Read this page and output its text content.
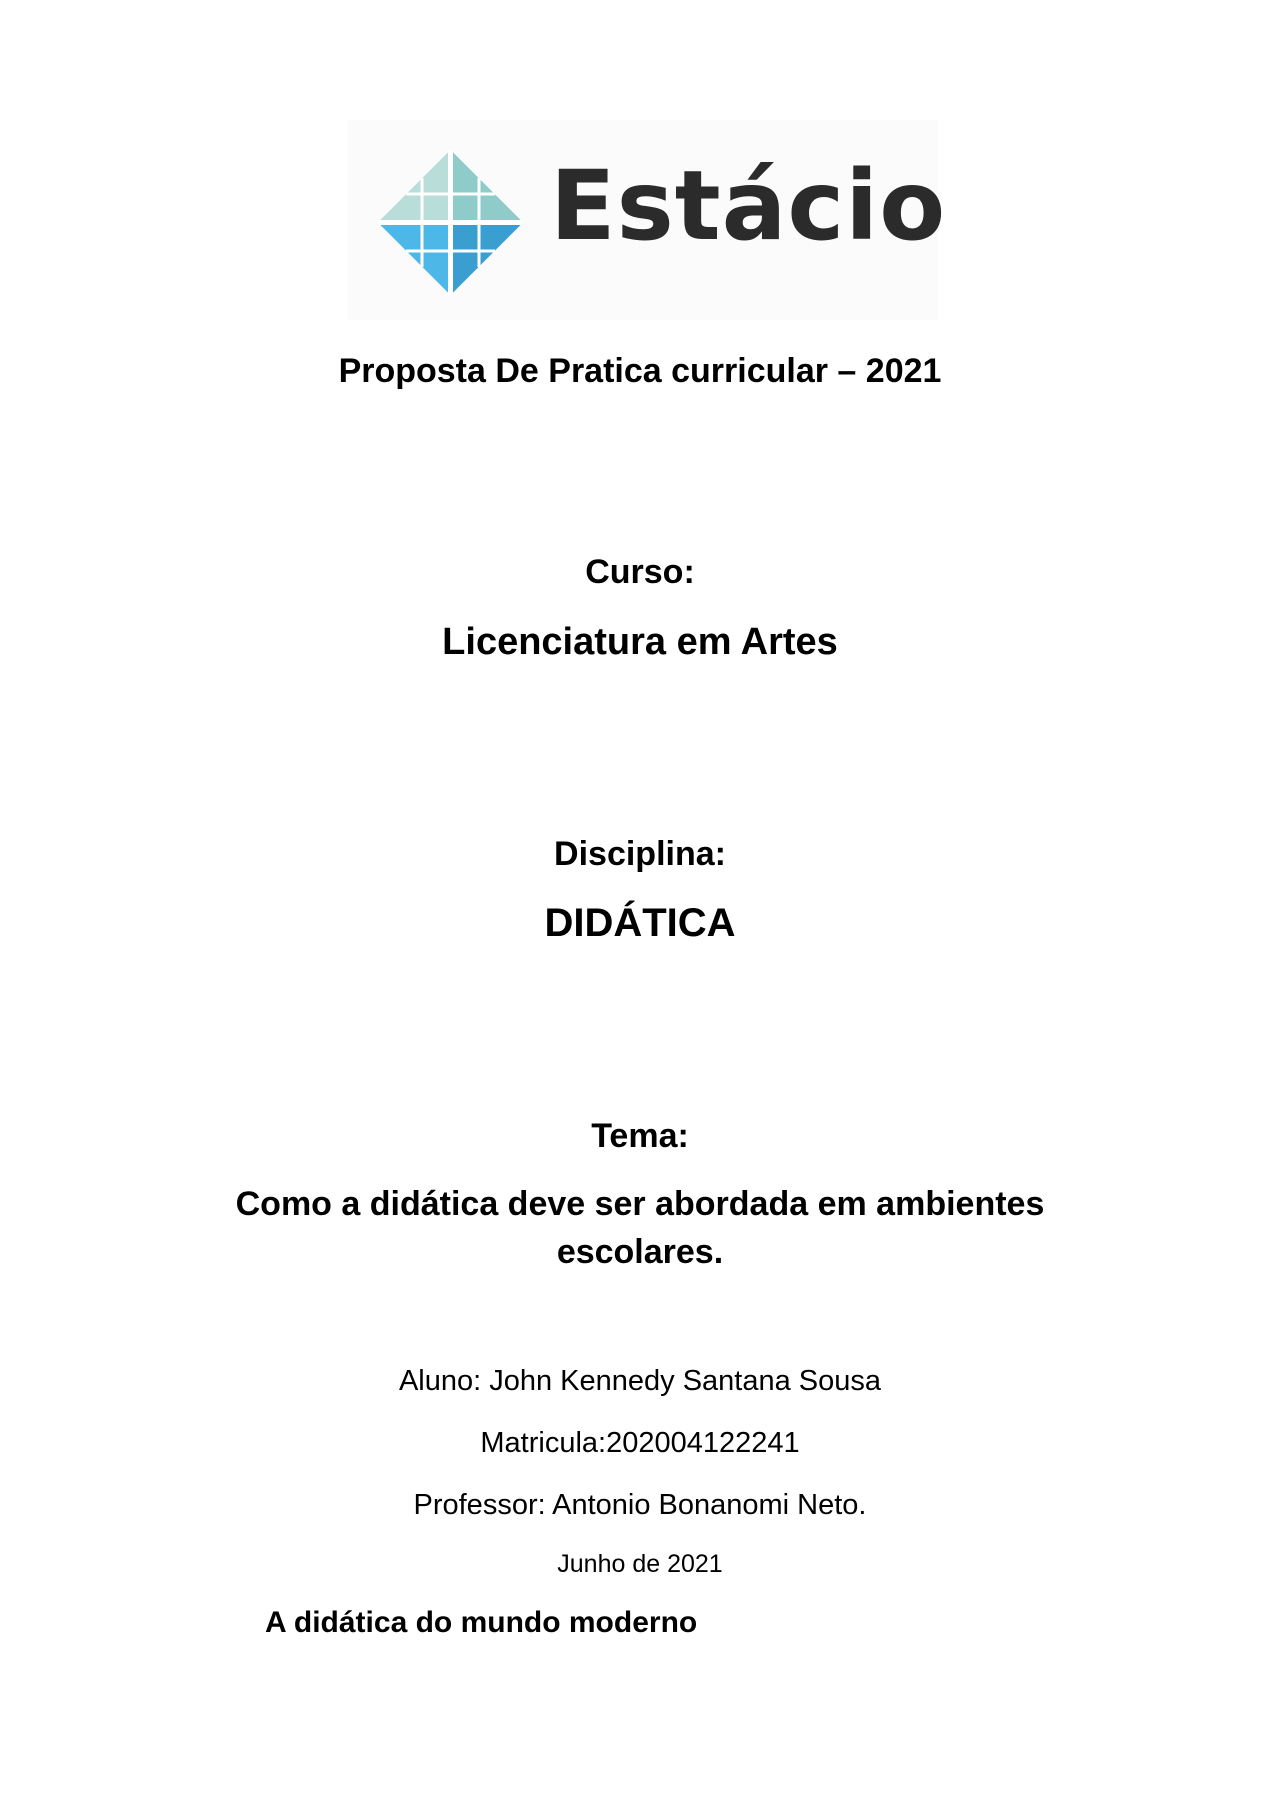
Estácio
Proposta De Pratica curricular – 2021
Curso:
Licenciatura em Artes
Disciplina:
DIDÁTICA
Tema:
Como a didática deve ser abordada em ambientes escolares.
Aluno: John Kennedy Santana Sousa
Matricula:202004122241
Professor: Antonio Bonanomi Neto.
Junho de 2021
A didática do mundo moderno
